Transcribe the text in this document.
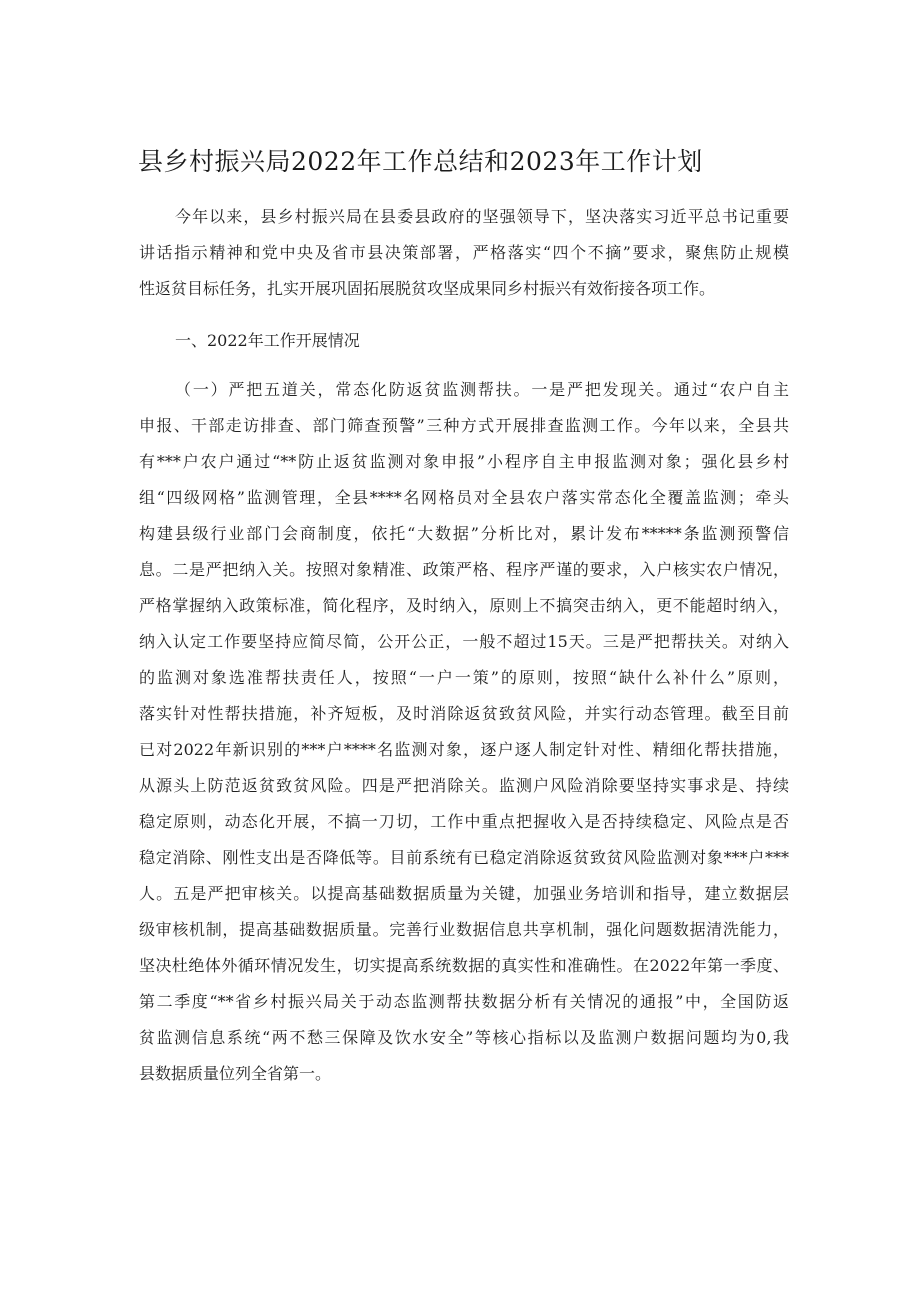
县乡村振兴局2022年工作总结和2023年工作计划
今年以来，县乡村振兴局在县委县政府的坚强领导下，坚决落实习近平总书记重要
讲话指示精神和党中央及省市县决策部署，严格落实“四个不摘”要求，聚焦防止规模
性返贫目标任务，扎实开展巩固拓展脱贫攻坚成果同乡村振兴有效衔接各项工作。
一、2022年工作开展情况
（一）严把五道关，常态化防返贫监测帮扶。一是严把发现关。通过“农户自主
申报、干部走访排查、部门筛查预警”三种方式开展排查监测工作。今年以来，全县共
有***户农户通过“**防止返贫监测对象申报”小程序自主申报监测对象；强化县乡村
组“四级网格”监测管理，全县****名网格员对全县农户落实常态化全覆盖监测；牵头
构建县级行业部门会商制度，依托“大数据”分析比对，累计发布*****条监测预警信
息。二是严把纳入关。按照对象精准、政策严格、程序严谨的要求，入户核实农户情况，
严格掌握纳入政策标准，简化程序，及时纳入，原则上不搞突击纳入，更不能超时纳入，
纳入认定工作要坚持应简尽简，公开公正，一般不超过15天。三是严把帮扶关。对纳入
的监测对象选准帮扶责任人，按照“一户一策”的原则，按照“缺什么补什么”原则，
落实针对性帮扶措施，补齐短板，及时消除返贫致贫风险，并实行动态管理。截至目前
已对2022年新识别的***户****名监测对象，逐户逐人制定针对性、精细化帮扶措施，
从源头上防范返贫致贫风险。四是严把消除关。监测户风险消除要坚持实事求是、持续
稳定原则，动态化开展，不搞一刀切，工作中重点把握收入是否持续稳定、风险点是否
稳定消除、刚性支出是否降低等。目前系统有已稳定消除返贫致贫风险监测对象***户***
人。五是严把审核关。以提高基础数据质量为关键，加强业务培训和指导，建立数据层
级审核机制，提高基础数据质量。完善行业数据信息共享机制，强化问题数据清洗能力，
坚决杜绝体外循环情况发生，切实提高系统数据的真实性和准确性。在2022年第一季度、
第二季度“**省乡村振兴局关于动态监测帮扶数据分析有关情况的通报”中，全国防返
贫监测信息系统“两不愁三保障及饮水安全”等核心指标以及监测户数据问题均为0,我
县数据质量位列全省第一。
